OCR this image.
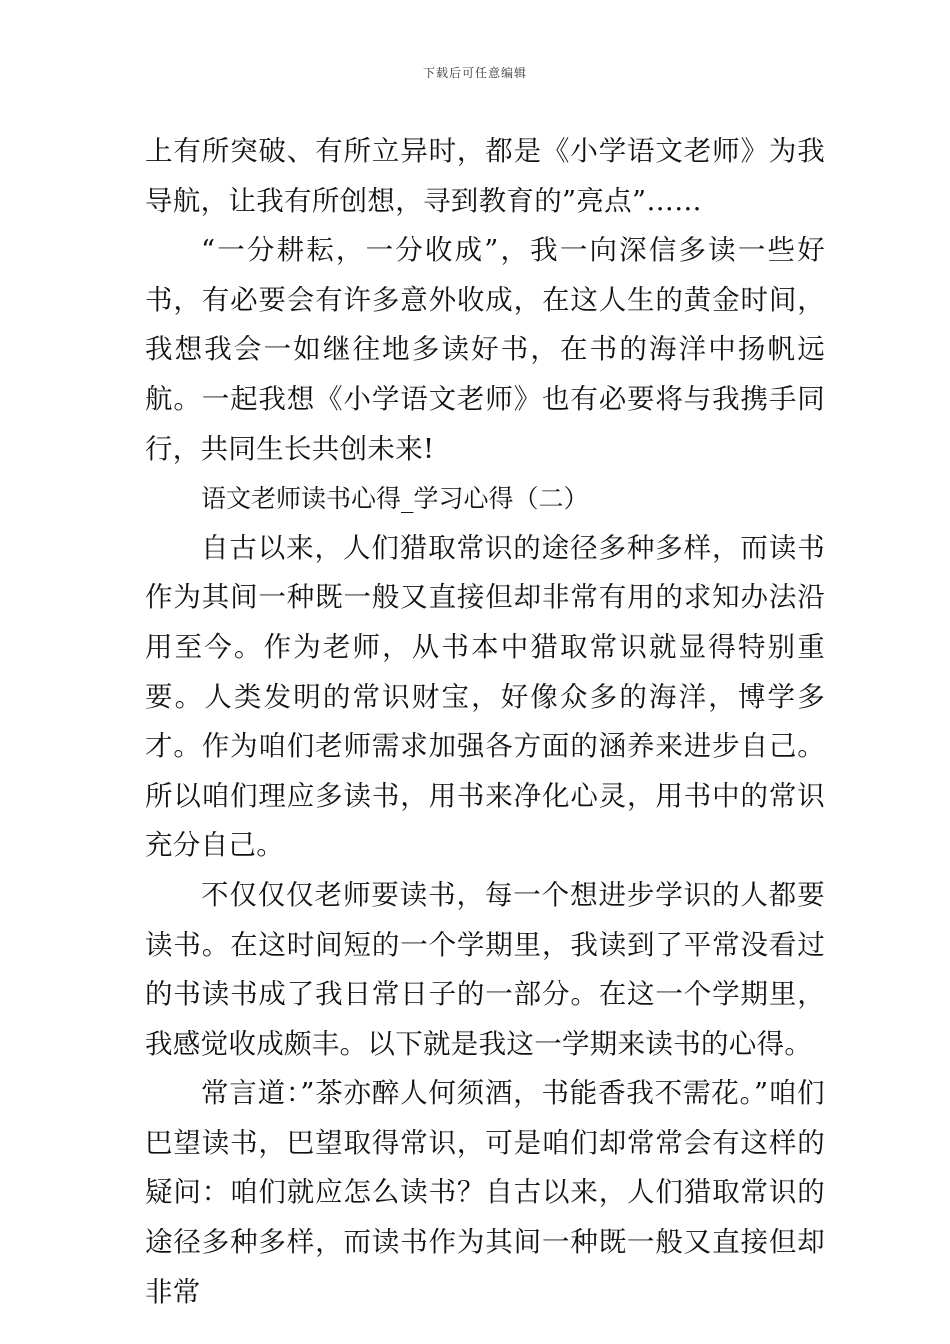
下载后可任意编辑

上有所突破、有所立异时，都是《小学语文老师》为我导航，让我有所创想，寻到教育的”亮点”……

“一分耕耘，一分收成”，我一向深信多读一些好书，有必要会有许多意外收成，在这人生的黄金时间，我想我会一如继往地多读好书，在书的海洋中扬帆远航。一起我想《小学语文老师》也有必要将与我携手同行，共同生长共创未来!

语文老师读书心得_学习心得（二）

自古以来，人们猎取常识的途径多种多样，而读书作为其间一种既一般又直接但却非常有用的求知办法沿用至今。作为老师，从书本中猎取常识就显得特别重要。人类发明的常识财宝，好像众多的海洋，博学多才。作为咱们老师需求加强各方面的涵养来进步自己。所以咱们理应多读书，用书来净化心灵，用书中的常识充分自己。

不仅仅仅老师要读书，每一个想进步学识的人都要读书。在这时间短的一个学期里，我读到了平常没看过的书读书成了我日常日子的一部分。在这一个学期里，我感觉收成颇丰。以下就是我这一学期来读书的心得。

常言道：”茶亦醉人何须酒，书能香我不需花。”咱们巴望读书，巴望取得常识，可是咱们却常常会有这样的疑问：咱们就应怎么读书？自古以来，人们猎取常识的途径多种多样，而读书作为其间一种既一般又直接但却非常
